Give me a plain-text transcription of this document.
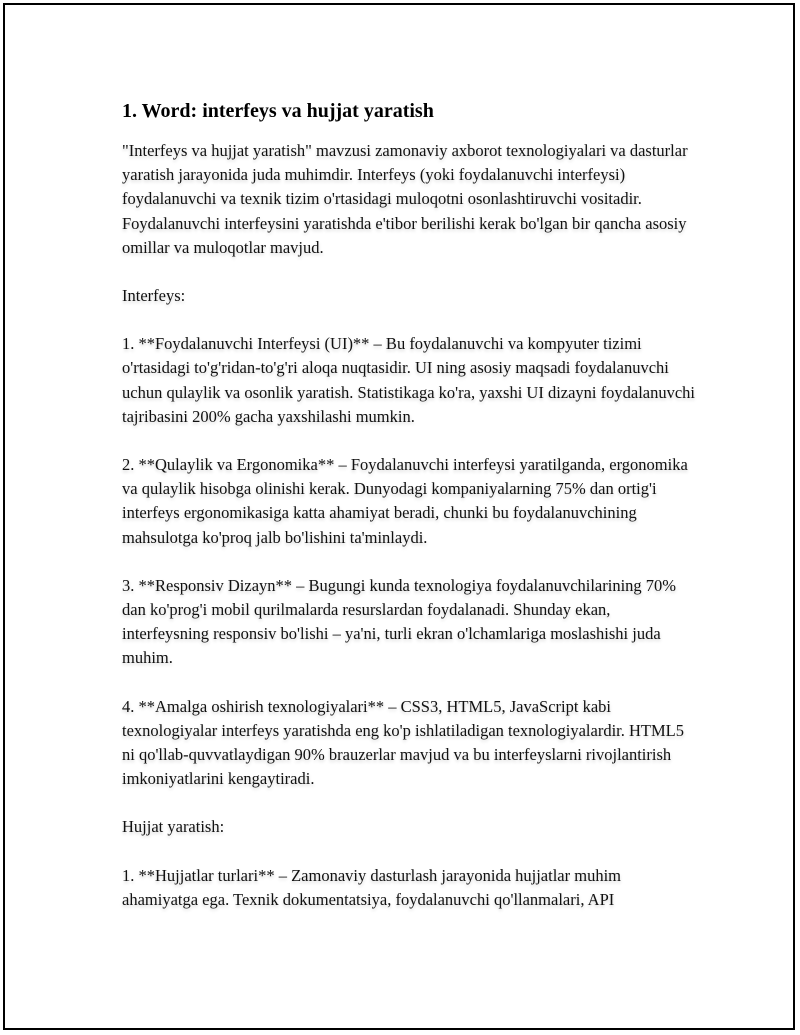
1. Word: interfeys va hujjat yaratish

"Interfeys va hujjat yaratish" mavzusi zamonaviy axborot texnologiyalari va dasturlar yaratish jarayonida juda muhimdir. Interfeys (yoki foydalanuvchi interfeysi) foydalanuvchi va texnik tizim o'rtasidagi muloqotni osonlashtiruvchi vositadir. Foydalanuvchi interfeysini yaratishda e'tibor berilishi kerak bo'lgan bir qancha asosiy omillar va muloqotlar mavjud.

Interfeys:

1. **Foydalanuvchi Interfeysi (UI)** – Bu foydalanuvchi va kompyuter tizimi o'rtasidagi to'g'ridan-to'g'ri aloqa nuqtasidir. UI ning asosiy maqsadi foydalanuvchi uchun qulaylik va osonlik yaratish. Statistikaga ko'ra, yaxshi UI dizayni foydalanuvchi tajribasini 200% gacha yaxshilashi mumkin.

2. **Qulaylik va Ergonomika** – Foydalanuvchi interfeysi yaratilganda, ergonomika va qulaylik hisobga olinishi kerak. Dunyodagi kompaniyalarning 75% dan ortig'i interfeys ergonomikasiga katta ahamiyat beradi, chunki bu foydalanuvchining mahsulotga ko'proq jalb bo'lishini ta'minlaydi.

3. **Responsiv Dizayn** – Bugungi kunda texnologiya foydalanuvchilarining 70% dan ko'prog'i mobil qurilmalarda resurslardan foydalanadi. Shunday ekan, interfeysning responsiv bo'lishi – ya'ni, turli ekran o'lchamlariga moslashishi juda muhim.

4. **Amalga oshirish texnologiyalari** – CSS3, HTML5, JavaScript kabi texnologiyalar interfeys yaratishda eng ko'p ishlatiladigan texnologiyalardir. HTML5 ni qo'llab-quvvatlaydigan 90% brauzerlar mavjud va bu interfeyslarni rivojlantirish imkoniyatlarini kengaytiradi.

Hujjat yaratish:

1. **Hujjatlar turlari** – Zamonaviy dasturlash jarayonida hujjatlar muhim ahamiyatga ega. Texnik dokumentatsiya, foydalanuvchi qo'llanmalari, API
